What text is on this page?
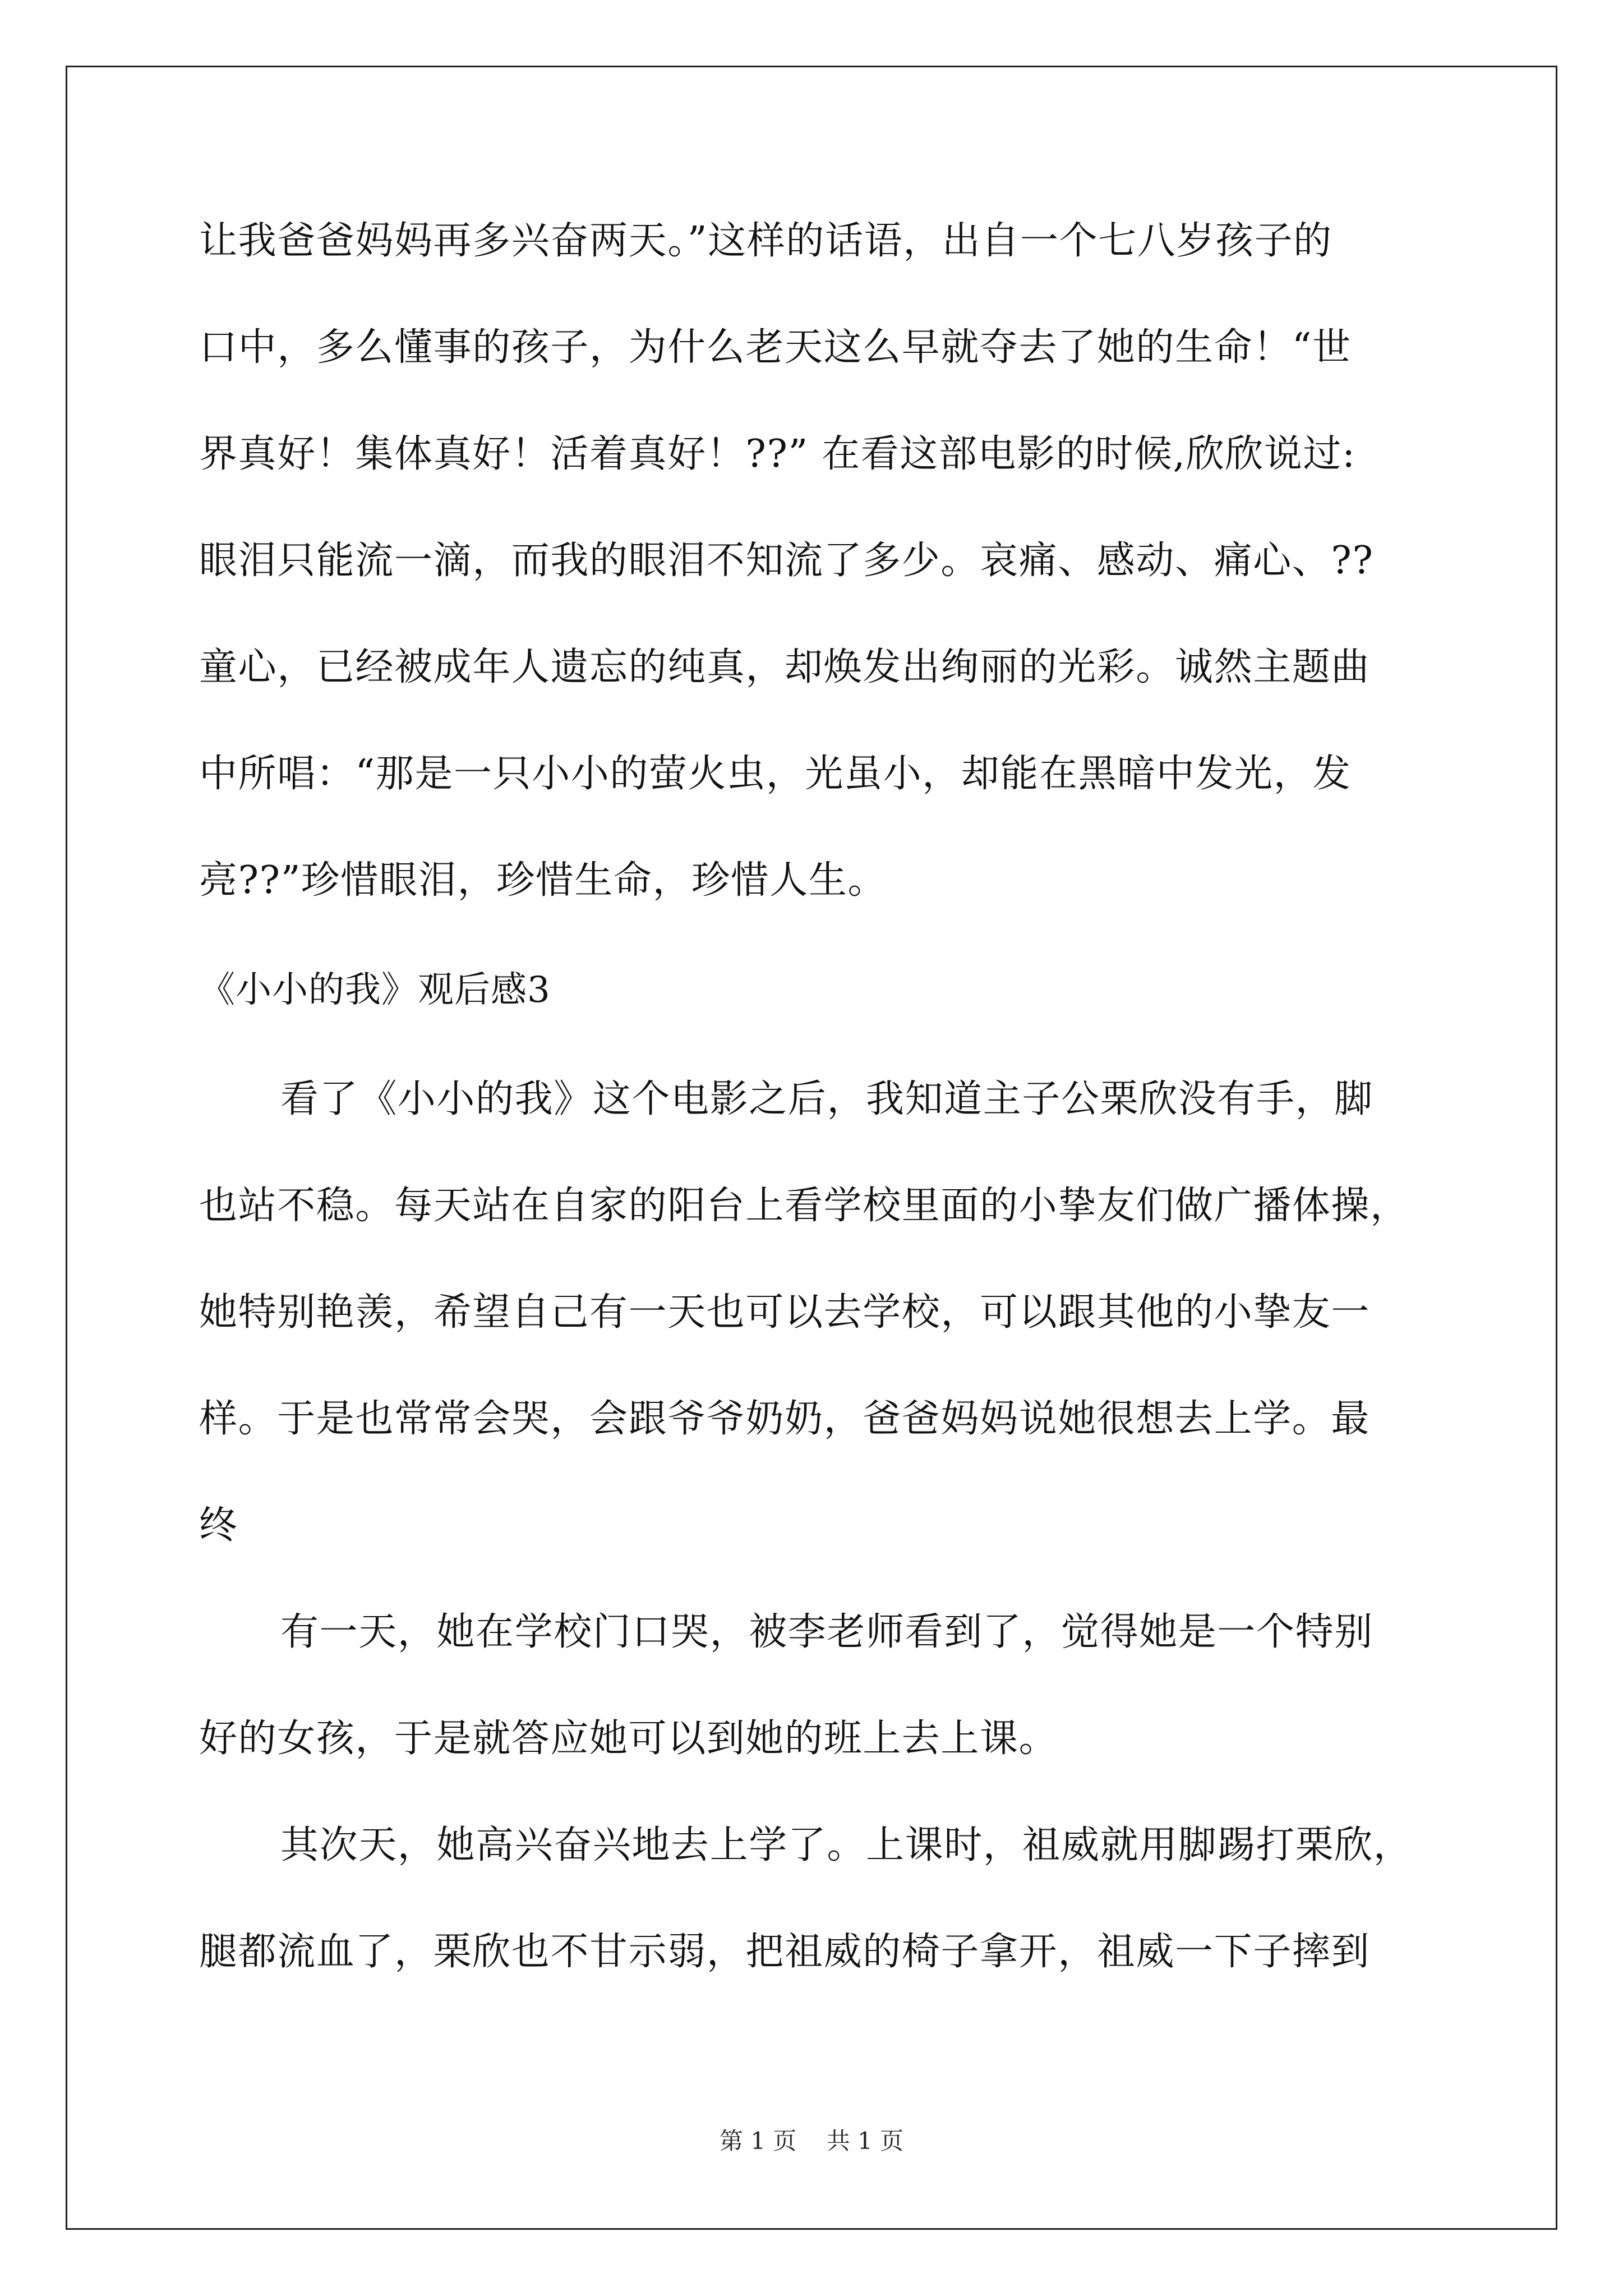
让我爸爸妈妈再多兴奋两天。”这样的话语，出自一个七八岁孩子的
口中，多么懂事的孩子，为什么老天这么早就夺去了她的生命！“世
界真好！集体真好！活着真好！??” 在看这部电影的时候,欣欣说过:
眼泪只能流一滴，而我的眼泪不知流了多少。哀痛、感动、痛心、??
童心，已经被成年人遗忘的纯真，却焕发出绚丽的光彩。诚然主题曲
中所唱：“那是一只小小的萤火虫，光虽小，却能在黑暗中发光，发
亮??”珍惜眼泪，珍惜生命，珍惜人生。
《小小的我》观后感3
看了《小小的我》这个电影之后，我知道主子公栗欣没有手，脚
也站不稳。每天站在自家的阳台上看学校里面的小挚友们做广播体操，
她特别艳羡，希望自己有一天也可以去学校，可以跟其他的小挚友一
样。于是也常常会哭，会跟爷爷奶奶，爸爸妈妈说她很想去上学。最
终
有一天，她在学校门口哭，被李老师看到了，觉得她是一个特别
好的女孩，于是就答应她可以到她的班上去上课。
其次天，她高兴奋兴地去上学了。上课时，祖威就用脚踢打栗欣，
腿都流血了，栗欣也不甘示弱，把祖威的椅子拿开，祖威一下子摔到
第 1 页    共 1 页
